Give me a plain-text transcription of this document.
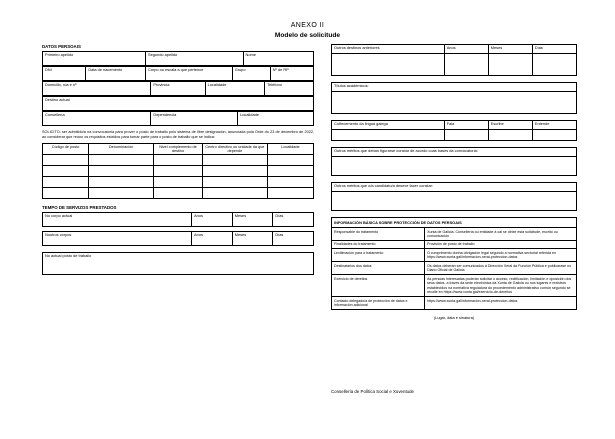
ANEXO II
Modelo de solicitude
DATOS PERSOAIS
Primeiro apelido	Segundo apelido	Nome
DNI	Data de nacemento	Corpo ou escala a que pertence	Grupo	Nº de RP
Domicilio, rúa e nº	Provincia	Localidade	Teléfono
Destino actual
Consellería	Dependencia	Localidade
SOLICITO: ser admitido/a na convocatoria para prover o posto de traballo polo sistema de libre designación, anunciada pola Orde do 23 de decembro de 2022, ao considerar que reúno os requisitos esixidos para tomar parte para o posto de traballo que se indica:
Código de posto	Denominación	Nivel complemento de destino	Centro directivo ou unidade da que depende	Localidade

TEMPO DE SERVIZOS PRESTADOS
No corpo actual	Anos	Meses	Días
Noutros corpos	Anos	Meses	Días
No actual posto de traballo
Outros destinos anteriores	Anos	Meses	Días

Títulos académicos:

Coñecemento da lingua galega	Fala	Escribe	Entende

Outros méritos que deban figurarse constar de acordo coas bases da convocatoria:

Outros méritos que o/a candidato/a desexe facer constar:

INFORMACIÓN BÁSICA SOBRE PROTECCIÓN DE DATOS PERSOAIS
Responsable do tratamento	Xunta de Galicia. Consellería ou entidade á cal se dirixe esta solicitude, escrito ou comunicación
Finalidades do tratamento	Provisión de posto de traballo
Lexitimación para o tratamento	O cumprimento dunha obrigación legal segundo a normativa sectorial referida en https://www.xunta.gal/informacion-xeral-proteccion-datos
Destinatarios dos datos	Os datos deberán ser comunicados á Dirección Xeral da Función Pública e publicarase no Diario Oficial de Galicia
Exercicio de dereitos	As persoas interesadas poderán solicitar o acceso, rectificación, limitación e oposición dos seus datos, a través da sede electrónica da Xunta de Galicia ou nos lugares e rexistros establecidos na normativa reguladora do procedemento administrativo común segundo se recolle en https://www.xunta.gal/exercicio-de-dereitos
Contacto delegado/a de protección de datos e información adicional	https://www.xunta.gal/informacion-xeral-proteccion-datos
(Lugar, data e sinatura)
Consellería de Política Social e Xuventude
